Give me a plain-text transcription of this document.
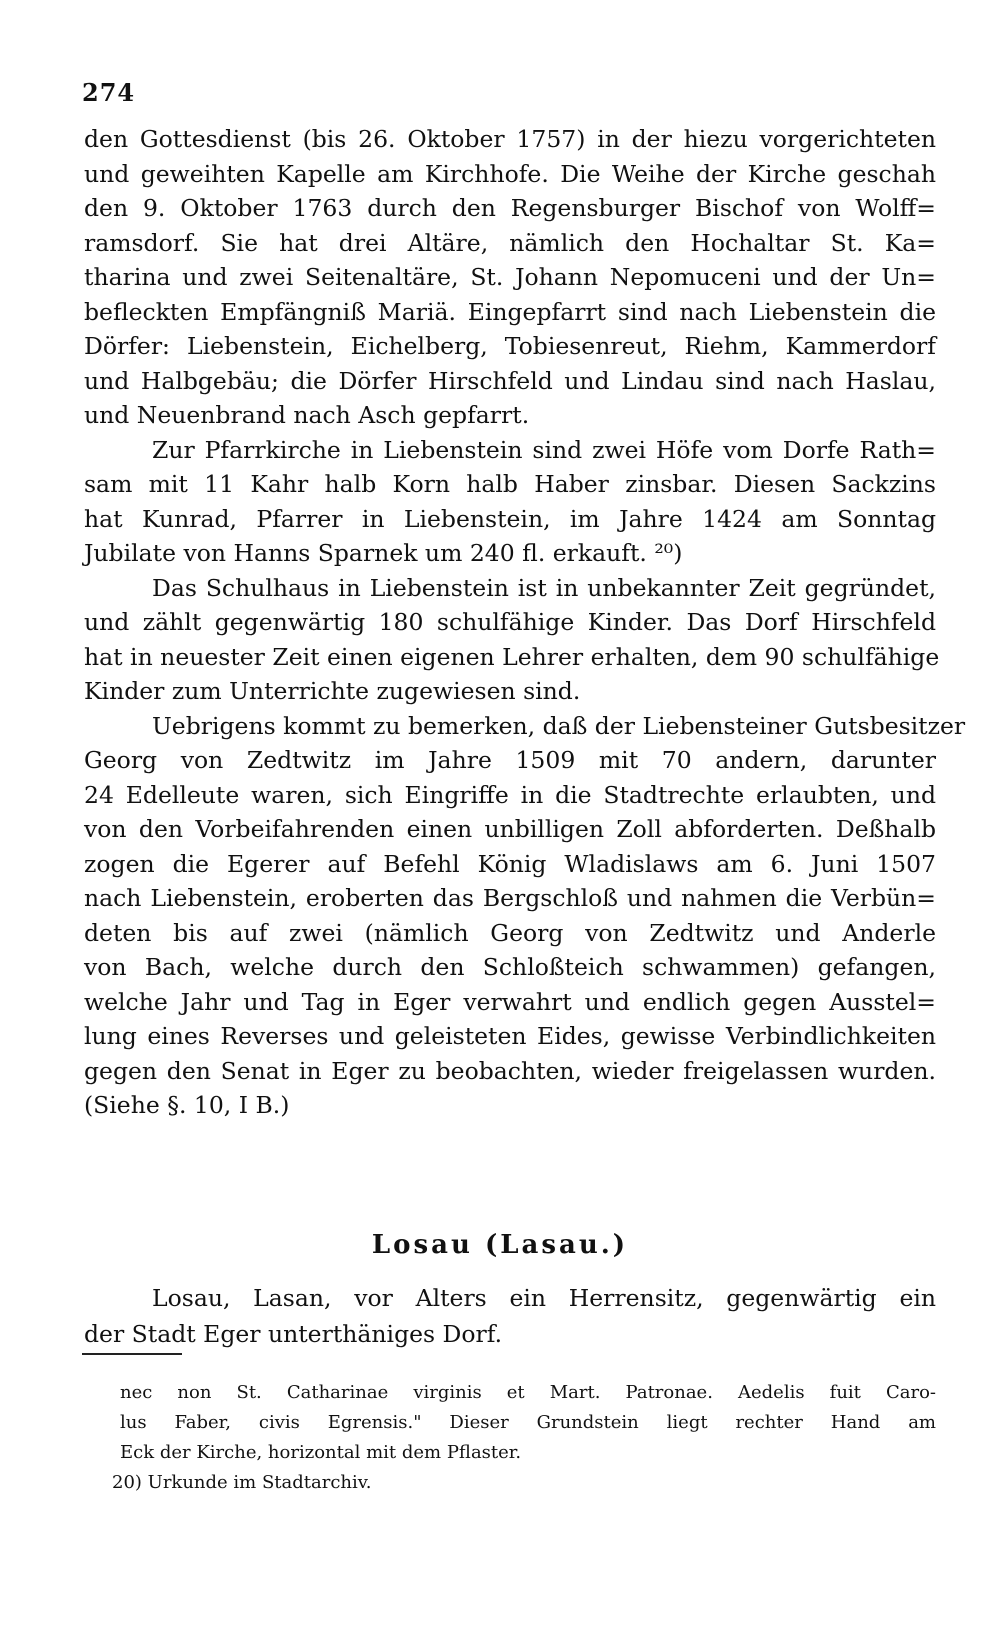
274
den Gottesdienst (bis 26. Oktober 1757) in der hiezu vorgerichteten
und geweihten Kapelle am Kirchhofe. Die Weihe der Kirche geschah
den 9. Oktober 1763 durch den Regensburger Bischof von Wolff=
ramsdorf. Sie hat drei Altäre, nämlich den Hochaltar St. Ka=
tharina und zwei Seitenaltäre, St. Johann Nepomuceni und der Un=
befleckten Empfängniß Mariä. Eingepfarrt sind nach Liebenstein die
Dörfer: Liebenstein, Eichelberg, Tobiesenreut, Riehm, Kammerdorf
und Halbgebäu; die Dörfer Hirschfeld und Lindau sind nach Haslau,
und Neuenbrand nach Asch gepfarrt.
Zur Pfarrkirche in Liebenstein sind zwei Höfe vom Dorfe Rath=
sam mit 11 Kahr halb Korn halb Haber zinsbar. Diesen Sackzins
hat Kunrad, Pfarrer in Liebenstein, im Jahre 1424 am Sonntag
Jubilate von Hanns Sparnek um 240 fl. erkauft. ²⁰)
Das Schulhaus in Liebenstein ist in unbekannter Zeit gegründet,
und zählt gegenwärtig 180 schulfähige Kinder. Das Dorf Hirschfeld
hat in neuester Zeit einen eigenen Lehrer erhalten, dem 90 schulfähige
Kinder zum Unterrichte zugewiesen sind.
Uebrigens kommt zu bemerken, daß der Liebensteiner Gutsbesitzer
Georg von Zedtwitz im Jahre 1509 mit 70 andern, darunter
24 Edelleute waren, sich Eingriffe in die Stadtrechte erlaubten, und
von den Vorbeifahrenden einen unbilligen Zoll abforderten. Deßhalb
zogen die Egerer auf Befehl König Wladislaws am 6. Juni 1507
nach Liebenstein, eroberten das Bergschloß und nahmen die Verbün=
deten bis auf zwei (nämlich Georg von Zedtwitz und Anderle
von Bach, welche durch den Schloßteich schwammen) gefangen,
welche Jahr und Tag in Eger verwahrt und endlich gegen Ausstel=
lung eines Reverses und geleisteten Eides, gewisse Verbindlichkeiten
gegen den Senat in Eger zu beobachten, wieder freigelassen wurden.
(Siehe §. 10, I B.)
Losau (Lasau.)
Losau, Lasan, vor Alters ein Herrensitz, gegenwärtig ein
der Stadt Eger unterthäniges Dorf.
nec non St. Catharinae virginis et Mart. Patronae. Aedelis fuit Caro-
lus Faber, civis Egrensis." Dieser Grundstein liegt rechter Hand am
Eck der Kirche, horizontal mit dem Pflaster.
20) Urkunde im Stadtarchiv.
